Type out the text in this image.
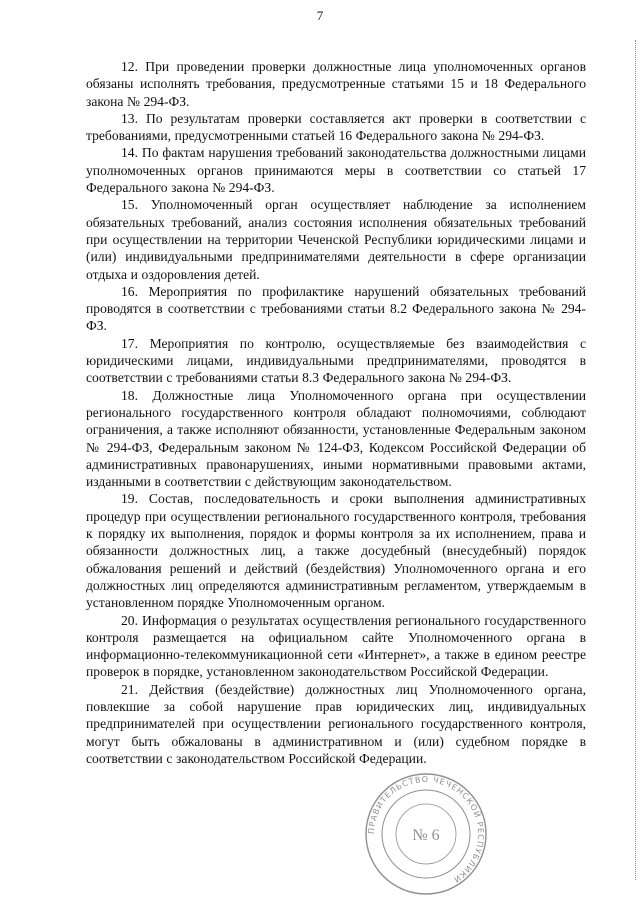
7

12. При проведении проверки должностные лица уполномоченных органов обязаны исполнять требования, предусмотренные статьями 15 и 18 Федерального закона № 294-ФЗ.

13. По результатам проверки составляется акт проверки в соответствии с требованиями, предусмотренными статьей 16 Федерального закона № 294-ФЗ.

14. По фактам нарушения требований законодательства должностными лицами уполномоченных органов принимаются меры в соответствии со статьей 17 Федерального закона № 294-ФЗ.

15. Уполномоченный орган осуществляет наблюдение за исполнением обязательных требований, анализ состояния исполнения обязательных требований при осуществлении на территории Чеченской Республики юридическими лицами и (или) индивидуальными предпринимателями деятельности в сфере организации отдыха и оздоровления детей.

16. Мероприятия по профилактике нарушений обязательных требований проводятся в соответствии с требованиями статьи 8.2 Федерального закона № 294-ФЗ.

17. Мероприятия по контролю, осуществляемые без взаимодействия с юридическими лицами, индивидуальными предпринимателями, проводятся в соответствии с требованиями статьи 8.3 Федерального закона № 294-ФЗ.

18. Должностные лица Уполномоченного органа при осуществлении регионального государственного контроля обладают полномочиями, соблюдают ограничения, а также исполняют обязанности, установленные Федеральным законом № 294-ФЗ, Федеральным законом № 124-ФЗ, Кодексом Российской Федерации об административных правонарушениях, иными нормативными правовыми актами, изданными в соответствии с действующим законодательством.

19. Состав, последовательность и сроки выполнения административных процедур при осуществлении регионального государственного контроля, требования к порядку их выполнения, порядок и формы контроля за их исполнением, права и обязанности должностных лиц, а также досудебный (внесудебный) порядок обжалования решений и действий (бездействия) Уполномоченного органа и его должностных лиц определяются административным регламентом, утверждаемым в установленном порядке Уполномоченным органом.

20. Информация о результатах осуществления регионального государственного контроля размещается на официальном сайте Уполномоченного органа в информационно-телекоммуникационной сети «Интернет», а также в едином реестре проверок в порядке, установленном законодательством Российской Федерации.

21. Действия (бездействие) должностных лиц Уполномоченного органа, повлекшие за собой нарушение прав юридических лиц, индивидуальных предпринимателей при осуществлении регионального государственного контроля, могут быть обжалованы в административном и (или) судебном порядке в соответствии с законодательством Российской Федерации.

ПРАВИТЕЛЬСТВО ЧЕЧЕНСКОЙ РЕСПУБЛИКИ
№ 6
